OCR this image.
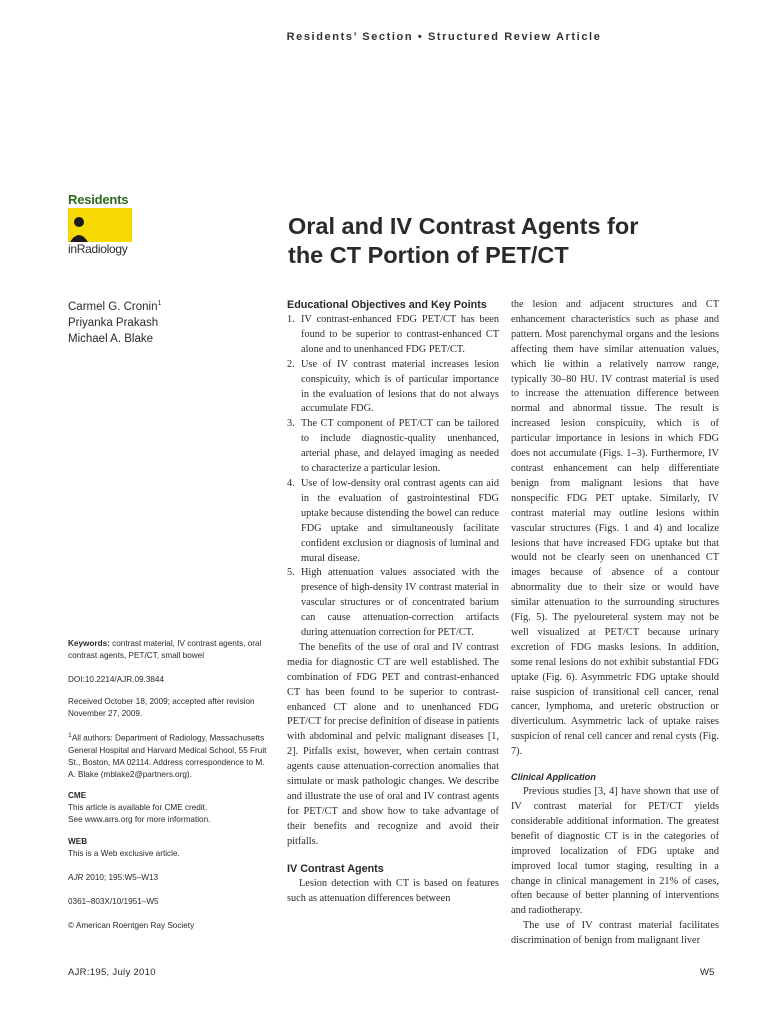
Residents’ Section • Structured Review Article
Residents
inRadiology
Oral and IV Contrast Agents for
the CT Portion of PET/CT
Carmel G. Cronin$^1$
Priyanka Prakash
Michael A. Blake
Keywords: contrast material, IV contrast agents, oral contrast agents, PET/CT, small bowel
DOI:10.2214/AJR.09.3844
Received October 18, 2009; accepted after revision November 27, 2009.
$^1$All authors: Department of Radiology, Massachusetts General Hospital and Harvard Medical School, 55 Fruit St., Boston, MA 02114. Address correspondence to M. A. Blake (mblake2@partners.org).
CME
This article is available for CME credit.
See www.arrs.org for more information.
WEB
This is a Web exclusive article.
AJR 2010; 195:W5–W13
0361–803X/10/1951–W5
© American Roentgen Ray Society
Educational Objectives and Key Points
1. IV contrast-enhanced FDG PET/CT has been found to be superior to contrast-enhanced CT alone and to unenhanced FDG PET/CT.
2. Use of IV contrast material increases lesion conspicuity, which is of particular importance in the evaluation of lesions that do not always accumulate FDG.
3. The CT component of PET/CT can be tailored to include diagnostic-quality unenhanced, arterial phase, and delayed imaging as needed to characterize a particular lesion.
4. Use of low-density oral contrast agents can aid in the evaluation of gastrointestinal FDG uptake because distending the bowel can reduce FDG uptake and simultaneously facilitate confident exclusion or diagnosis of luminal and mural disease.
5. High attenuation values associated with the presence of high-density IV contrast material in vascular structures or of concentrated barium can cause attenuation-correction artifacts during attenuation correction for PET/CT.

The benefits of the use of oral and IV contrast media for diagnostic CT are well established. The combination of FDG PET and contrast-enhanced CT has been found to be superior to contrast-enhanced CT alone and to unenhanced FDG PET/CT for precise definition of disease in patients with abdominal and pelvic malignant diseases [1, 2]. Pitfalls exist, however, when certain contrast agents cause attenuation-correction anomalies that simulate or mask pathologic changes. We describe and illustrate the use of oral and IV contrast agents for PET/CT and show how to take advantage of their benefits and recognize and avoid their pitfalls.

IV Contrast Agents

Lesion detection with CT is based on features such as attenuation differences between

the lesion and adjacent structures and CT enhancement characteristics such as phase and pattern. Most parenchymal organs and the lesions affecting them have similar attenuation values, which lie within a relatively narrow range, typically 30–80 HU. IV contrast material is used to increase the attenuation difference between normal and abnormal tissue. The result is increased lesion conspicuity, which is of particular importance in lesions in which FDG does not accumulate (Figs. 1–3). Furthermore, IV contrast enhancement can help differentiate benign from malignant lesions that have nonspecific FDG PET uptake. Similarly, IV contrast material may outline lesions within vascular structures (Figs. 1 and 4) and localize lesions that have increased FDG uptake but that would not be clearly seen on unenhanced CT images because of absence of a contour abnormality due to their size or would have similar attenuation to the surrounding structures (Fig. 5). The pyeloureteral system may not be well visualized at PET/CT because urinary excretion of FDG masks lesions. In addition, some renal lesions do not exhibit substantial FDG uptake (Fig. 6). Asymmetric FDG uptake should raise suspicion of transitional cell cancer, renal cancer, lymphoma, and ureteric obstruction or diverticulum. Asymmetric lack of uptake raises suspicion of renal cell cancer and renal cysts (Fig. 7).

Clinical Application

Previous studies [3, 4] have shown that use of IV contrast material for PET/CT yields considerable additional information. The greatest benefit of diagnostic CT is in the categories of improved localization of FDG uptake and improved local tumor staging, resulting in a change in clinical management in 21% of cases, often because of better planning of interventions and radiotherapy.

The use of IV contrast material facilitates discrimination of benign from malignant liver

AJR:195, July 2010	W5
